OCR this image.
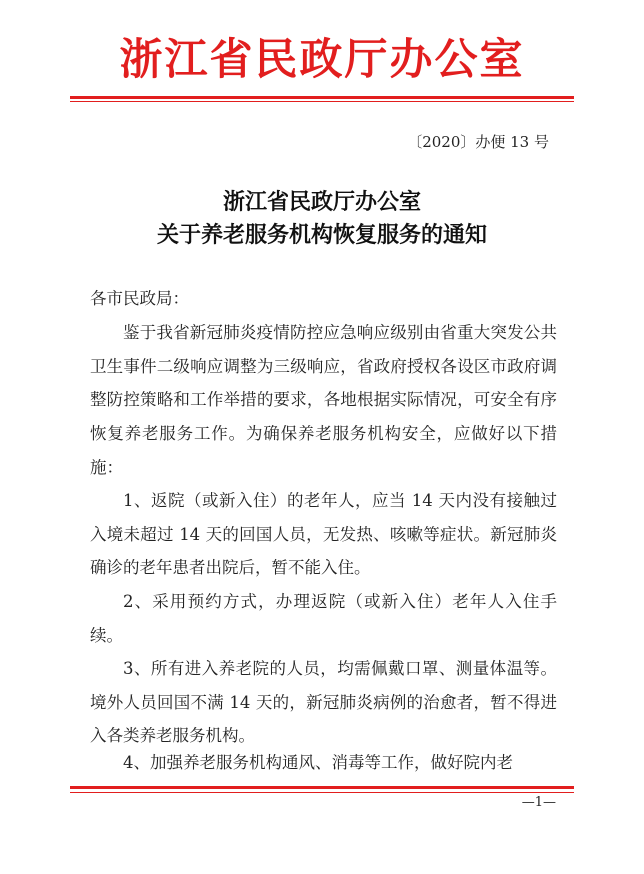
浙江省民政厅办公室
〔2020〕办便 13 号
浙江省民政厅办公室
关于养老服务机构恢复服务的通知
各市民政局：
鉴于我省新冠肺炎疫情防控应急响应级别由省重大突发公共卫生事件二级响应调整为三级响应，省政府授权各设区市政府调整防控策略和工作举措的要求，各地根据实际情况，可安全有序恢复养老服务工作。为确保养老服务机构安全，应做好以下措施：
1、返院（或新入住）的老年人，应当 14 天内没有接触过入境未超过 14 天的回国人员，无发热、咳嗽等症状。新冠肺炎确诊的老年患者出院后，暂不能入住。
2、采用预约方式，办理返院（或新入住）老年人入住手续。
3、所有进入养老院的人员，均需佩戴口罩、测量体温等。境外人员回国不满 14 天的，新冠肺炎病例的治愈者，暂不得进入各类养老服务机构。
4、加强养老服务机构通风、消毒等工作，做好院内老
—1—
